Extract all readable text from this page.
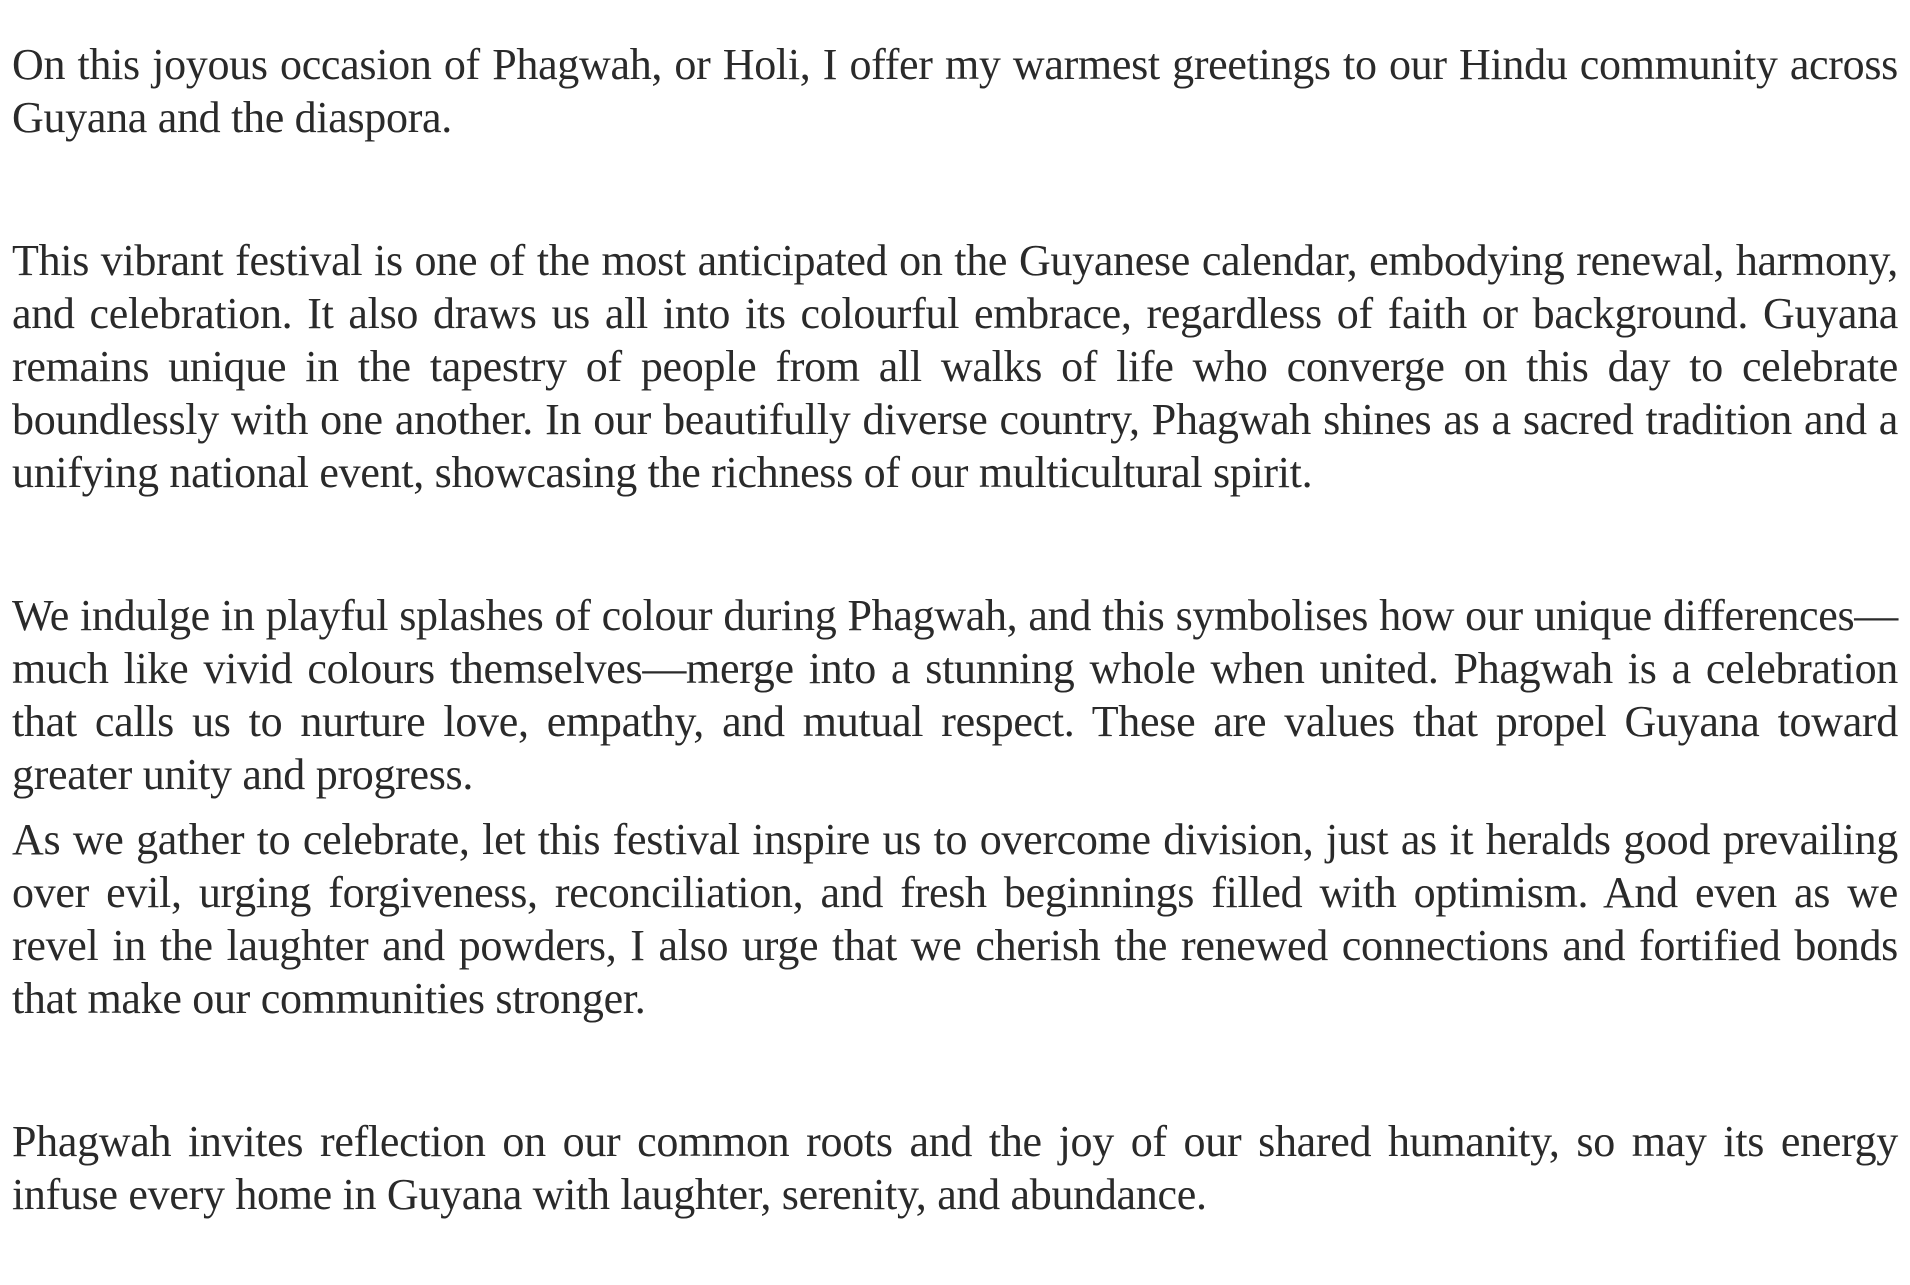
On this joyous occasion of Phagwah, or Holi, I offer my warmest greetings to our Hindu community across Guyana and the diaspora.

This vibrant festival is one of the most anticipated on the Guyanese calendar, embodying renewal, harmony, and celebration. It also draws us all into its colourful embrace, regardless of faith or background. Guyana remains unique in the tapestry of people from all walks of life who converge on this day to celebrate boundlessly with one another. In our beautifully diverse country, Phagwah shines as a sacred tradition and a unifying national event, showcasing the richness of our multicultural spirit.

We indulge in playful splashes of colour during Phagwah, and this symbolises how our unique differences—much like vivid colours themselves—merge into a stunning whole when united. Phagwah is a celebration that calls us to nurture love, empathy, and mutual respect. These are values that propel Guyana toward greater unity and progress.

As we gather to celebrate, let this festival inspire us to overcome division, just as it heralds good prevailing over evil, urging forgiveness, reconciliation, and fresh beginnings filled with optimism. And even as we revel in the laughter and powders, I also urge that we cherish the renewed connections and fortified bonds that make our communities stronger.

Phagwah invites reflection on our common roots and the joy of our shared humanity, so may its energy infuse every home in Guyana with laughter, serenity, and abundance.
